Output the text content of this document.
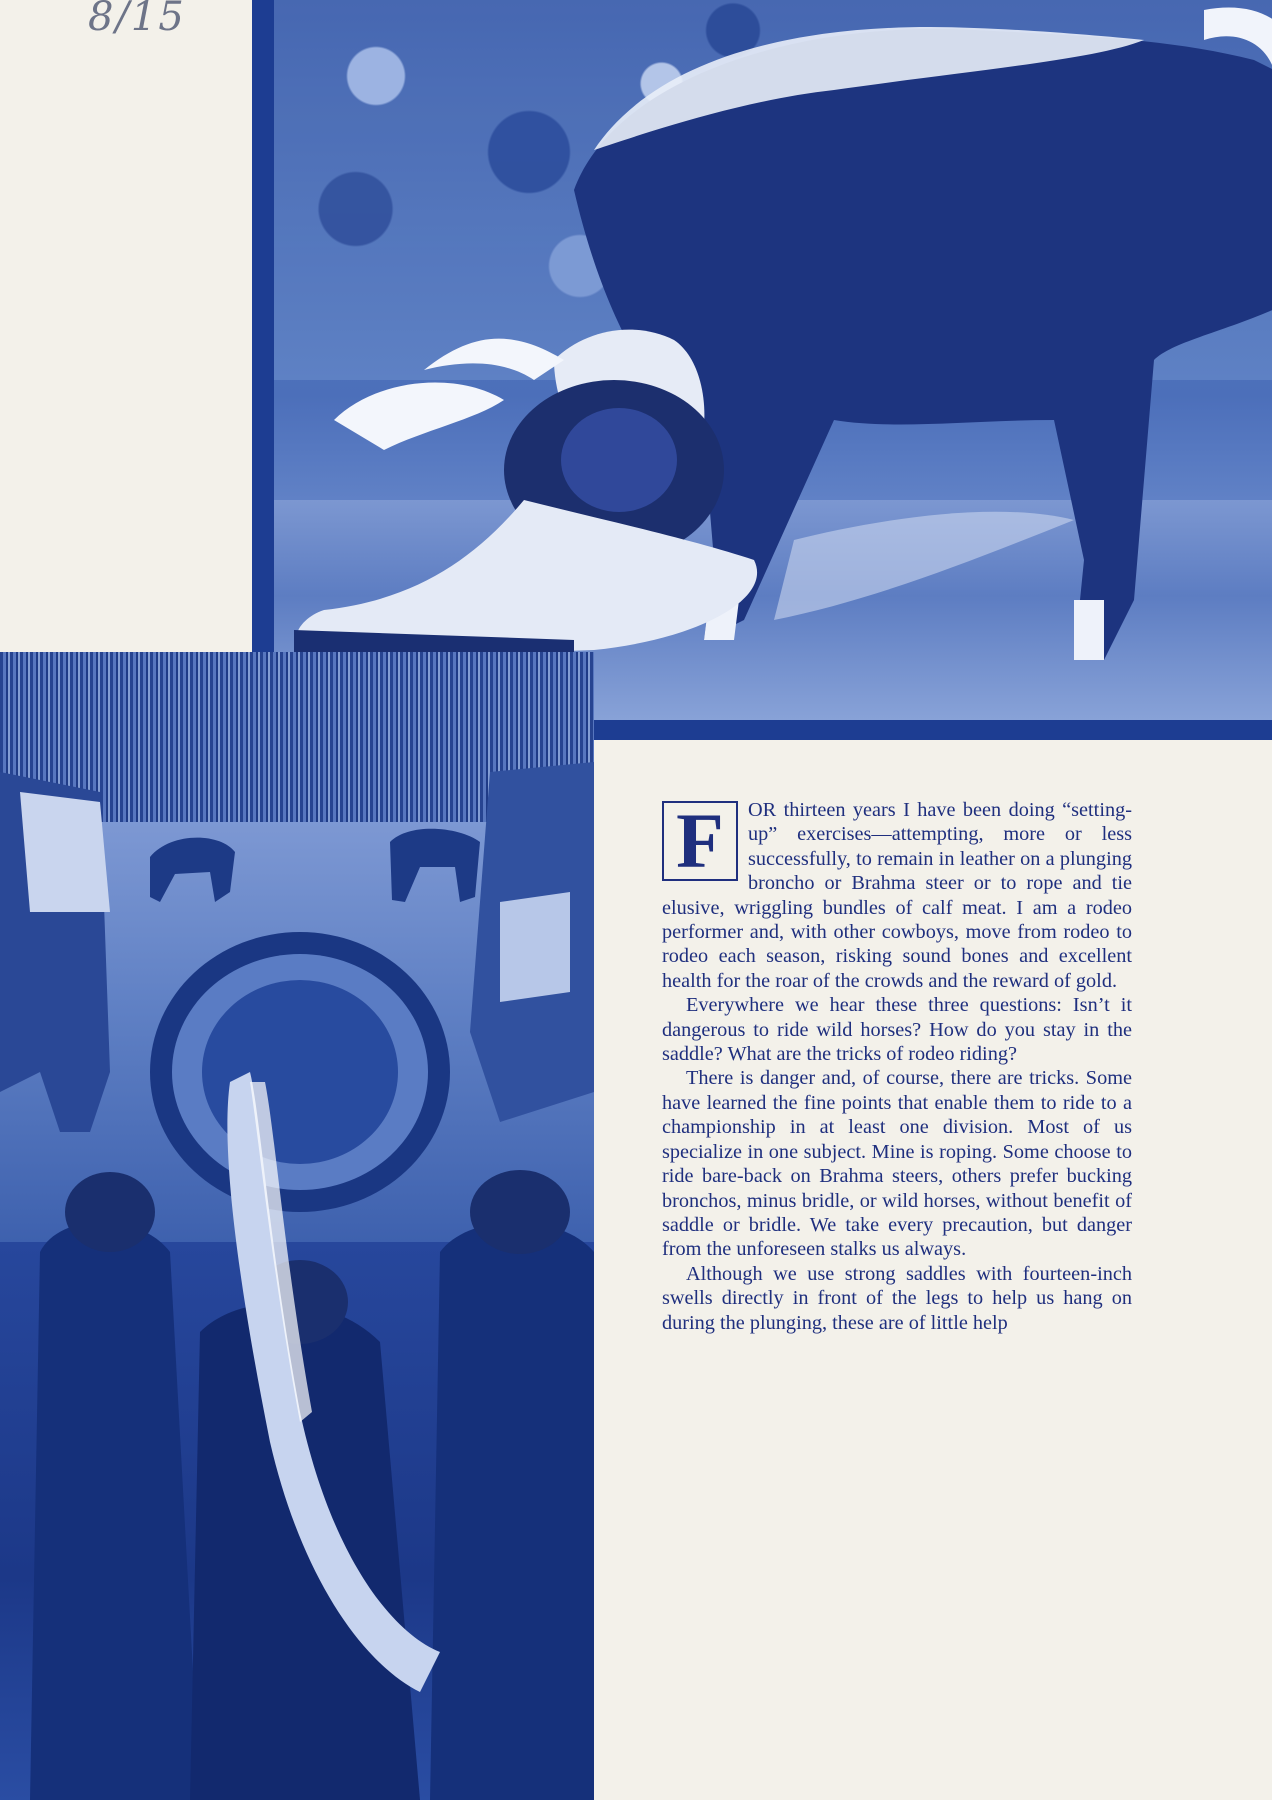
8/15

F	OR thirteen years I have been doing “setting-up” exercises—attempting, more or less successfully, to remain in leather on a plunging broncho or Brahma steer or to rope and tie elusive, wriggling bundles of calf meat. I am a rodeo performer and, with other cowboys, move from rodeo to rodeo each season, risking sound bones and excellent health for the roar of the crowds and the reward of gold.

Everywhere we hear these three questions: Isn’t it dangerous to ride wild horses? How do you stay in the saddle? What are the tricks of rodeo riding?

There is danger and, of course, there are tricks. Some have learned the fine points that enable them to ride to a championship in at least one division. Most of us specialize in one subject. Mine is roping. Some choose to ride bare-back on Brahma steers, others prefer bucking bronchos, minus bridle, or wild horses, without benefit of saddle or bridle. We take every precaution, but danger from the unforeseen stalks us always.

Although we use strong saddles with fourteen-inch swells directly in front of the legs to help us hang on during the plunging, these are of little help
